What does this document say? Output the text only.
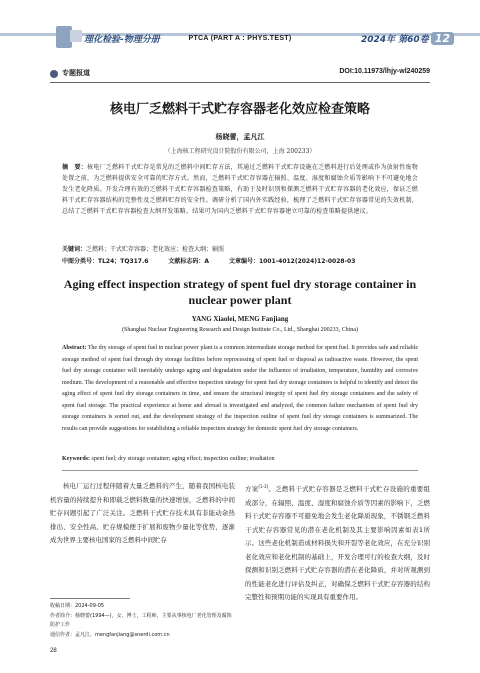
理化检验-物理分册	PTCA (PART A : PHYS.TEST)	2024年 第60卷 12
专题报道	DOI:10.11973/lhjy-wl240259
核电厂乏燃料干式贮存容器老化效应检查策略
杨晓蕾，孟凡江
（上海核工程研究设计院股份有限公司，上海 200233）
摘　要：核电厂乏燃料干式贮存是常见的乏燃料中间贮存方法，其通过乏燃料干式贮存设施在乏燃料进行后处理或作为放射性废物处置之前，为乏燃料提供安全可靠的贮存方式。然而，乏燃料干式贮存容器在辐照、温度、湿度和腐蚀介质等影响下不可避免地会发生老化降质。开发合理有效的乏燃料干式贮存容器检查策略，有助于及时识别和探测乏燃料干式贮存容器的老化效应，保证乏燃料干式贮存容器结构的完整性及乏燃料贮存的安全性。调研分析了国内外实践经验，梳理了乏燃料干式贮存容器常见的失效机制，总结了乏燃料干式贮存容器检查大纲开发策略，结果可为国内乏燃料干式贮存容器建立可靠的检查策略提供建议。
关键词：乏燃料；干式贮存容器；老化效应；检查大纲；辐照
中图分类号：TL24；TQ317.6	文献标志码：A	文章编号：1001-4012(2024)12-0028-03
Aging effect inspection strategy of spent fuel dry storage container in nuclear power plant
YANG Xiaolei, MENG Fanjiang
(Shanghai Nuclear Engineering Research and Design Institute Co., Ltd., Shanghai 200233, China)
Abstract: The dry storage of spent fuel in nuclear power plant is a common intermediate storage method for spent fuel. It provides safe and reliable storage method of spent fuel through dry storage facilities before reprocessing of spent fuel or disposal as radioactive waste. However, the spent fuel dry storage container will inevitably undergo aging and degradation under the influence of irradiation, temperature, humidity and corrosive medium. The development of a reasonable and effective inspection strategy for spent fuel dry storage containers is helpful to identify and detect the aging effect of spent fuel dry storage containers in time, and ensure the structural integrity of spent fuel dry storage containers and the safety of spent fuel storage. The practical experience at home and abroad is investigated and analyzed, the common failure mechanism of spent fuel dry storage containers is sorted out, and the development strategy of the inspection outline of spent fuel dry storage containers is summarized. The results can provide suggestions for establishing a reliable inspection strategy for domestic spent fuel dry storage containers.
Keywords: spent fuel; dry storage container; aging effect; inspection outline; irradiation
核电厂运行过程伴随着大量乏燃料的产生，随着我国核电装机容量的持续提升和即载乏燃料数量的快速增加，乏燃料的中间贮存问题引起了广泛关注。乏燃料干式贮存技术具有非能动余热排出、安全性高、贮存规模便于扩展和废物少量化等优势，逐渐成为世界主要核电国家的乏燃料中间贮存
方案[1-3]。乏燃料干式贮存容器是乏燃料干式贮存设施的重要组成部分，在辐照、温度、湿度和腐蚀介质等因素的影响下，乏燃料干式贮存容器不可避免地会发生老化降质现象，不锈钢乏燃料干式贮存容器常见的潜在老化机制及其主要影响因素如表1所示。这些老化机制造成材料损失和开裂等老化效应，在充分识别老化效应和老化机制的基础上，开发合理可行的检查大纲，及时探测和识别乏燃料干式贮存容器的潜在老化降质，并对所观测到的性能老化进行评估及纠正，对确保乏燃料干式贮存容器的结构完整性和预期功能的实现具有重要作用。
收稿日期：2024-09-05
作者简介：杨晓蕾(1994—)，女，博士，工程师，主要从事核电厂老化管理及腐蚀防护工作
通信作者：孟凡江，mengfanjiang@snerdi.com.cn
28
